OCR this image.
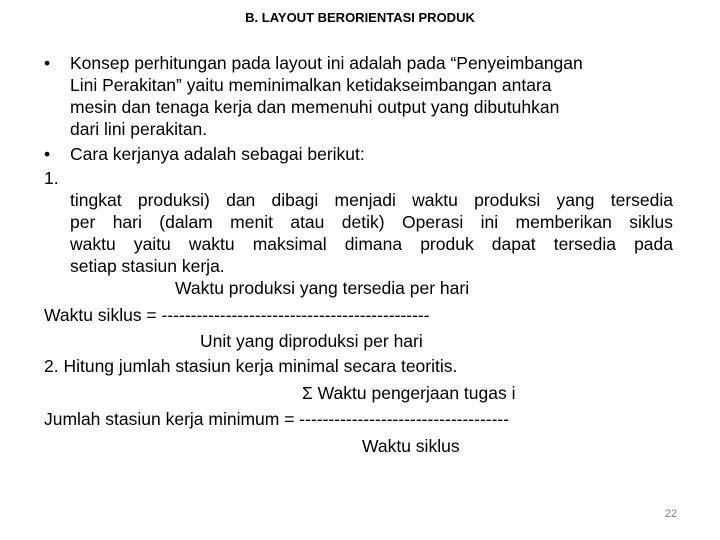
B. LAYOUT BERORIENTASI PRODUK
• Konsep perhitungan pada layout ini adalah pada “Penyeimbangan
Lini Perakitan” yaitu meminimalkan ketidakseimbangan antara
mesin dan tenaga kerja dan memenuhi output yang dibutuhkan
dari lini perakitan.
• Cara kerjanya adalah sebagai berikut:
1.
tingkat produksi) dan dibagi menjadi waktu produksi yang tersedia
per hari (dalam menit atau detik) Operasi ini memberikan siklus
waktu yaitu waktu maksimal dimana produk dapat tersedia pada
setiap stasiun kerja.
Waktu produksi yang tersedia per hari
Waktu siklus = ----------------------------------------------
Unit yang diproduksi per hari
2. Hitung jumlah stasiun kerja minimal secara teoritis.
Σ Waktu pengerjaan tugas i
Jumlah stasiun kerja minimum = ------------------------------------
Waktu siklus
22
